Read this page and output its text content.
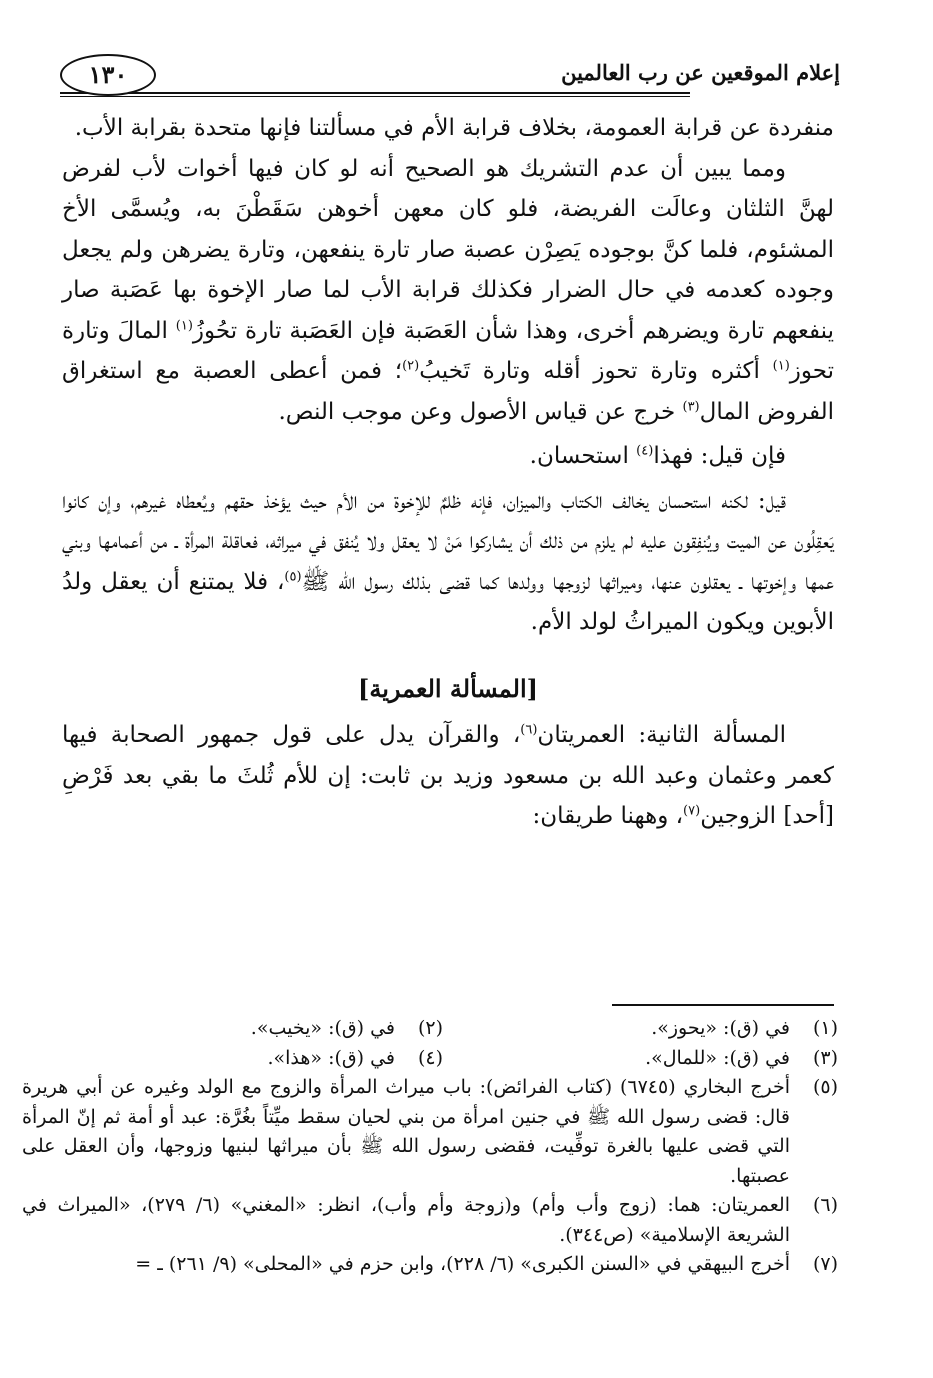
إعلام الموقعين عن رب العالمين
١٣٠

منفردة عن قرابة العمومة، بخلاف قرابة الأم في مسألتنا فإنها متحدة بقرابة الأب.

ومما يبين أن عدم التشريك هو الصحيح أنه لو كان فيها أخوات لأب لفرض لهنَّ الثلثان وعالَت الفريضة، فلو كان معهن أخوهن سَقَطْنَ به، ويُسمَّى الأخ المشئوم، فلما كنَّ بوجوده يَصِرْن عصبة صار تارة ينفعهن، وتارة يضرهن ولم يجعل وجوده كعدمه في حال الضرار فكذلك قرابة الأب لما صار الإخوة بها عَصَبة صار ينفعهم تارة ويضرهم أخرى، وهذا شأن العَصَبة فإن العَصَبة تارة تحُوزُ$^{(١)}$ المالَ وتارة تحوز$^{(١)}$ أكثره وتارة تحوز أقله وتارة تَخيبُ$^{(٢)}$؛ فمن أعطى العصبة مع استغراق الفروض المال$^{(٣)}$ خرج عن قياس الأصول وعن موجب النص.

فإن قيل: فهذا$^{(٤)}$ استحسان.

قيل: لكنه استحسان يخالف الكتاب والميزان، فإنه ظلمٌ للإخوة من الأم حيث يؤخذ حقهم ويُعطاه غيرهم، وإن كانوا يَعقِلُون عن الميت ويُنفِقون عليه لم يلزم من ذلك أن يشاركوا مَنْ لا يعقل ولا يُنفق في ميراثه، فعاقلة المرأة ـ من أعمامها وبني عمها وإخوتها ـ يعقلون عنها، وميراثها لزوجها وولدها كما قضى بذلك رسول الله ﷺ$^{(٥)}$، فلا يمتنع أن يعقل ولدُ الأبوين ويكون الميراثُ لولد الأم.

[المسألة العمرية]

المسألة الثانية: العمريتان$^{(٦)}$، والقرآن يدل على قول جمهور الصحابة فيها كعمر وعثمان وعبد الله بن مسعود وزيد بن ثابت: إن للأم ثُلثَ ما بقي بعد فَرْضِ [أحد] الزوجين$^{(٧)}$، وههنا طريقان:

(١)
في (ق): «يحوز».
(٢)
في (ق): «يخيب».
(٣)
في (ق): «للمال».
(٤)
في (ق): «هذا».
(٥)
أخرج البخاري (٦٧٤٥) (كتاب الفرائض): باب ميراث المرأة والزوج مع الولد وغيره عن أبي هريرة قال: قضى رسول الله ﷺ في جنين امرأة من بني لحيان سقط ميِّتاً بغُرَّة: عبد أو أمة ثم إنّ المرأة التي قضى عليها بالغرة توفِّيت، فقضى رسول الله ﷺ بأن ميراثها لبنيها وزوجها، وأن العقل على عصبتها.
(٦)
العمريتان: هما: (زوج وأب وأم) و(زوجة وأم وأب)، انظر: «المغني» (٦/ ٢٧٩)، «الميراث في الشريعة الإسلامية» (ص٣٤٤).
(٧)
أخرج البيهقي في «السنن الكبرى» (٦/ ٢٢٨)، وابن حزم في «المحلى» (٩/ ٢٦١) ـ =
